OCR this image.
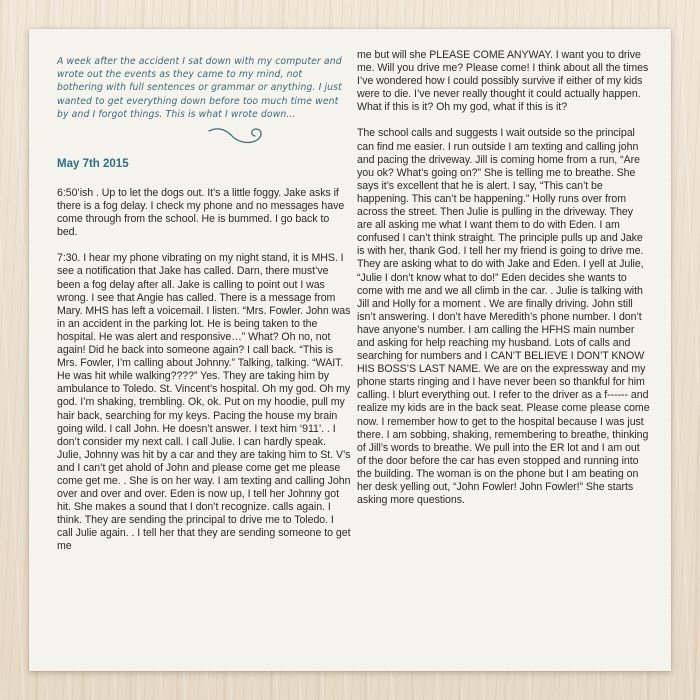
A week after the accident I sat down with my computer and wrote out the events as they came to my mind, not bothering with full sentences or grammar or anything. I just wanted to get everything down before too much time went by and I forgot things. This is what I wrote down...

May 7th 2015

6:50’ish . Up to let the dogs out. It’s a little foggy. Jake asks if there is a fog delay. I check my phone and no messages have come through from the school. He is bummed. I go back to bed.

7:30. I hear my phone vibrating on my night stand, it is MHS. I see a notification that Jake has called. Darn, there must’ve been a fog delay after all. Jake is calling to point out I was wrong. I see that Angie has called. There is a message from Mary. MHS has left a voicemail. I listen. “Mrs. Fowler. John was in an accident in the parking lot. He is being taken to the hospital. He was alert and responsive…” What? Oh no, not again! Did he back into someone again? I call back. “This is Mrs. Fowler, I’m calling about Johnny.” Talking, talking. “WAIT. He was hit while walking????” Yes. They are taking him by ambulance to Toledo. St. Vincent’s hospital. Oh my god. Oh my god. I’m shaking, trembling. Ok, ok. Put on my hoodie, pull my hair back, searching for my keys. Pacing the house my brain going wild. I call John. He doesn’t answer. I text him ‘911’. . I don’t consider my next call. I call Julie. I can hardly speak. Julie, Johnny was hit by a car and they are taking him to St. V’s and I can’t get ahold of John and please come get me please come get me. . She is on her way. I am texting and calling John over and over and over. Eden is now up, I tell her Johnny got hit. She makes a sound that I don’t recognize. calls again. I think. They are sending the principal to drive me to Toledo. I call Julie again. . I tell her that they are sending someone to get me

me but will she PLEASE COME ANYWAY. I want you to drive me. Will you drive me? Please come! I think about all the times I’ve wondered how I could possibly survive if either of my kids were to die. I’ve never really thought it could actually happen. What if this is it? Oh my god, what if this is it?

The school calls and suggests I wait outside so the principal can find me easier. I run outside I am texting and calling john and pacing the driveway. Jill is coming home from a run, “Are you ok? What’s going on?” She is telling me to breathe. She says it’s excellent that he is alert. I say, “This can’t be happening. This can’t be happening.” Holly runs over from across the street. Then Julie is pulling in the driveway. They are all asking me what I want them to do with Eden. I am confused I can’t think straight. The principle pulls up and Jake is with her, thank God. I tell her my friend is going to drive me. They are asking what to do with Jake and Eden. I yell at Julie, “Julie I don’t know what to do!” Eden decides she wants to come with me and we all climb in the car. . Julie is talking with Jill and Holly for a moment . We are finally driving. John still isn’t answering. I don’t have Meredith’s phone number. I don’t have anyone’s number. I am calling the HFHS main number and asking for help reaching my husband. Lots of calls and searching for numbers and I CAN’T BELIEVE I DON’T KNOW HIS BOSS’S LAST NAME. We are on the expressway and my phone starts ringing and I have never been so thankful for him calling. I blurt everything out. I refer to the driver as a f------ and realize my kids are in the back seat. Please come please come now. I remember how to get to the hospital because I was just there. I am sobbing, shaking, remembering to breathe, thinking of Jill’s words to breathe. We pull into the ER lot and I am out of the door before the car has even stopped and running into the building. The woman is on the phone but I am beating on her desk yelling out, “John Fowler! John Fowler!” She starts asking more questions.
